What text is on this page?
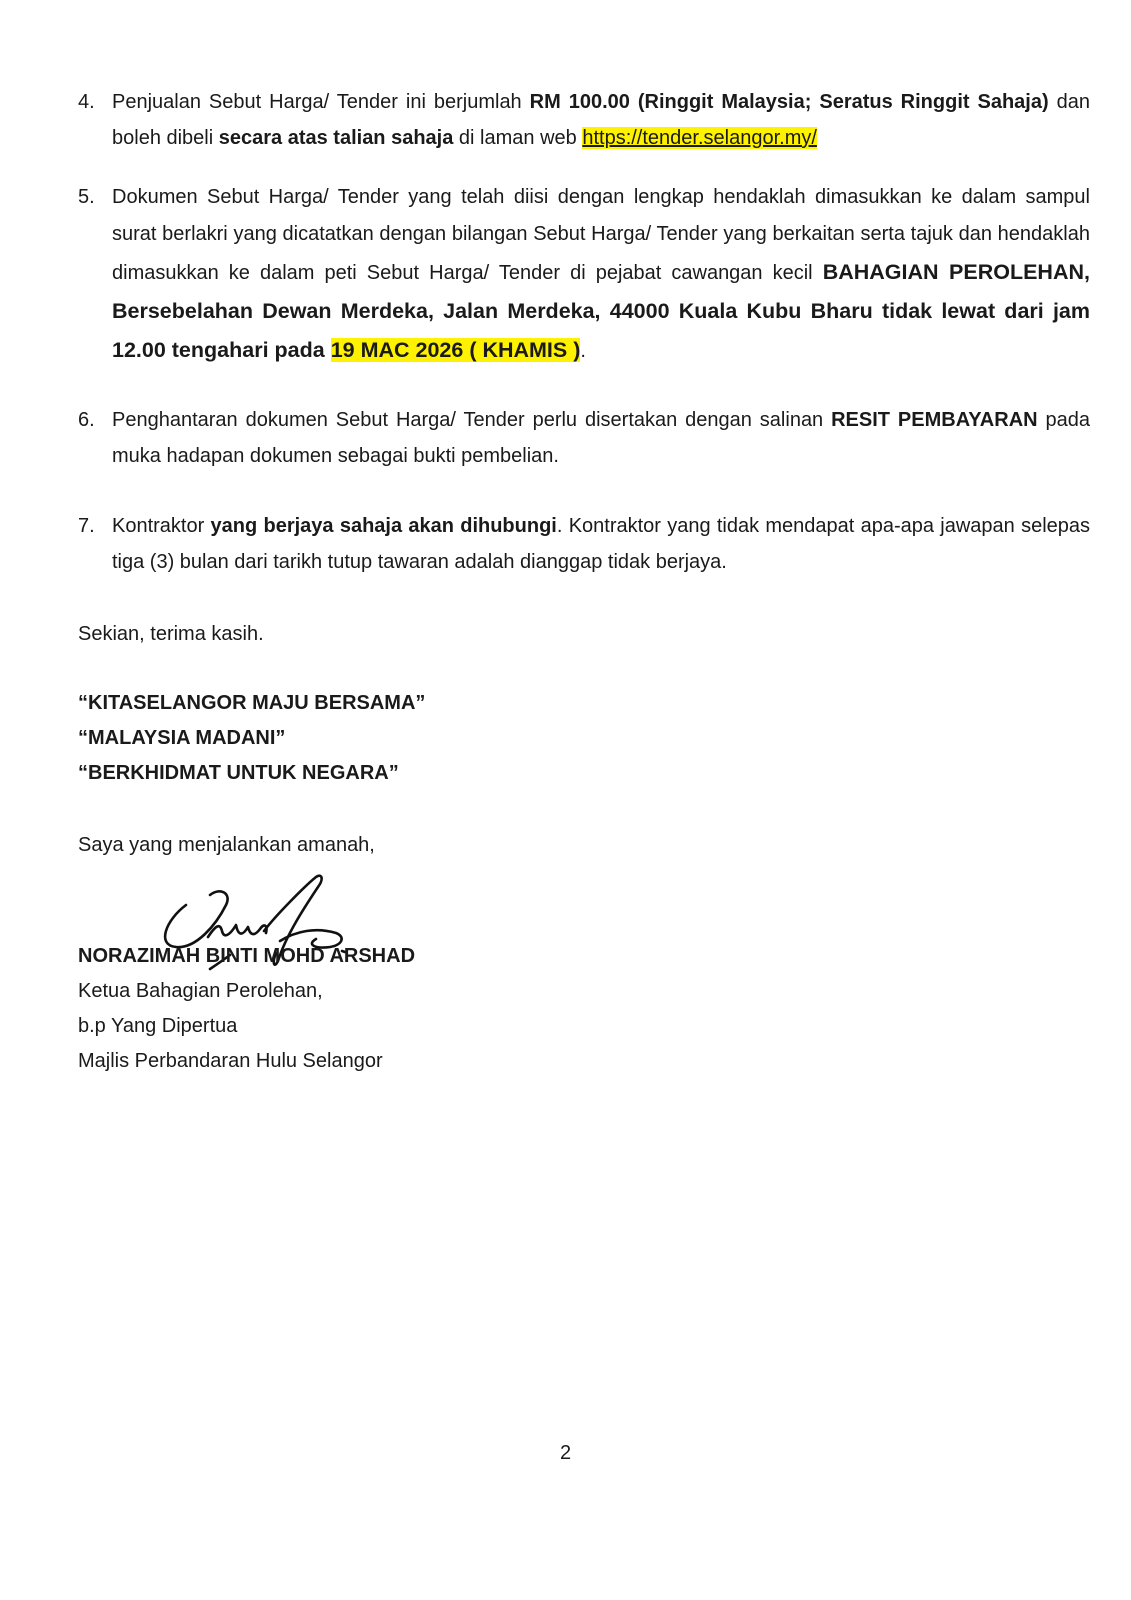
4. Penjualan Sebut Harga/ Tender ini berjumlah RM 100.00 (Ringgit Malaysia; Seratus Ringgit Sahaja) dan boleh dibeli secara atas talian sahaja di laman web https://tender.selangor.my/

5. Dokumen Sebut Harga/ Tender yang telah diisi dengan lengkap hendaklah dimasukkan ke dalam sampul surat berlakri yang dicatatkan dengan bilangan Sebut Harga/ Tender yang berkaitan serta tajuk dan hendaklah dimasukkan ke dalam peti Sebut Harga/ Tender di pejabat cawangan kecil BAHAGIAN PEROLEHAN, Bersebelahan Dewan Merdeka, Jalan Merdeka, 44000 Kuala Kubu Bharu tidak lewat dari jam 12.00 tengahari pada 19 MAC 2026 ( KHAMIS ).

6. Penghantaran dokumen Sebut Harga/ Tender perlu disertakan dengan salinan RESIT PEMBAYARAN pada muka hadapan dokumen sebagai bukti pembelian.

7. Kontraktor yang berjaya sahaja akan dihubungi. Kontraktor yang tidak mendapat apa-apa jawapan selepas tiga (3) bulan dari tarikh tutup tawaran adalah dianggap tidak berjaya.

Sekian, terima kasih.
“KITASELANGOR MAJU BERSAMA”
“MALAYSIA MADANI”
“BERKHIDMAT UNTUK NEGARA”
Saya yang menjalankan amanah,
NORAZIMAH BINTI MOHD ARSHAD
Ketua Bahagian Perolehan,
b.p Yang Dipertua
Majlis Perbandaran Hulu Selangor
2
